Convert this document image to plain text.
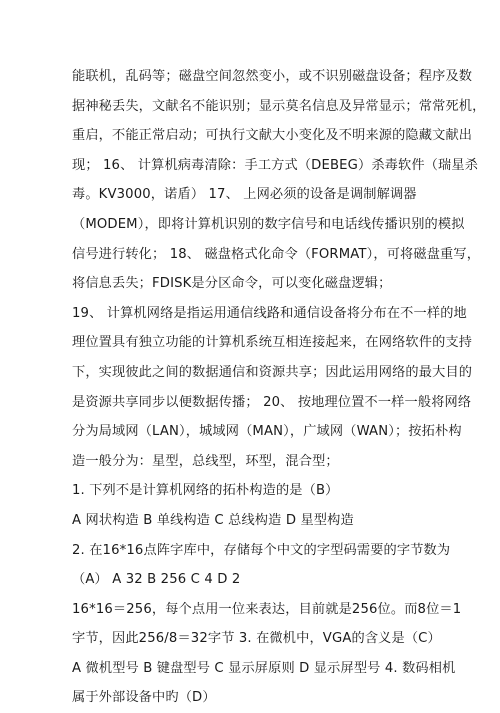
能联机，乱码等；磁盘空间忽然变小，或不识别磁盘设备；程序及数
据神秘丢失，文献名不能识别；显示莫名信息及异常显示；常常死机，
重启，不能正常启动；可执行文献大小变化及不明来源的隐藏文献出
现； 16、 计算机病毒清除：手工方式（DEBEG）杀毒软件（瑞星杀
毒。KV3000，诺盾） 17、 上网必须的设备是调制解调器
（MODEM），即将计算机识别的数字信号和电话线传播识别的模拟
信号进行转化； 18、 磁盘格式化命令（FORMAT），可将磁盘重写，
将信息丢失；FDISK是分区命令，可以变化磁盘逻辑；
19、 计算机网络是指运用通信线路和通信设备将分布在不一样的地
理位置具有独立功能的计算机系统互相连接起来，在网络软件的支持
下，实现彼此之间的数据通信和资源共享；因此运用网络的最大目的
是资源共享同步以便数据传播； 20、 按地理位置不一样一般将网络
分为局域网（LAN），城域网（MAN），广域网（WAN）；按拓朴构
造一般分为：星型，总线型，环型，混合型；
1. 下列不是计算机网络的拓朴构造的是（B）
A 网状构造 B 单线构造 C 总线构造 D 星型构造
2. 在16*16点阵字库中，存储每个中文的字型码需要的字节数为
（A） A 32 B 256 C 4 D 2
16*16＝256，每个点用一位来表达，目前就是256位。而8位＝1
字节，因此256/8＝32字节 3. 在微机中，VGA的含义是（C）
A 微机型号 B 键盘型号 C 显示屏原则 D 显示屏型号 4. 数码相机
属于外部设备中旳（D）
